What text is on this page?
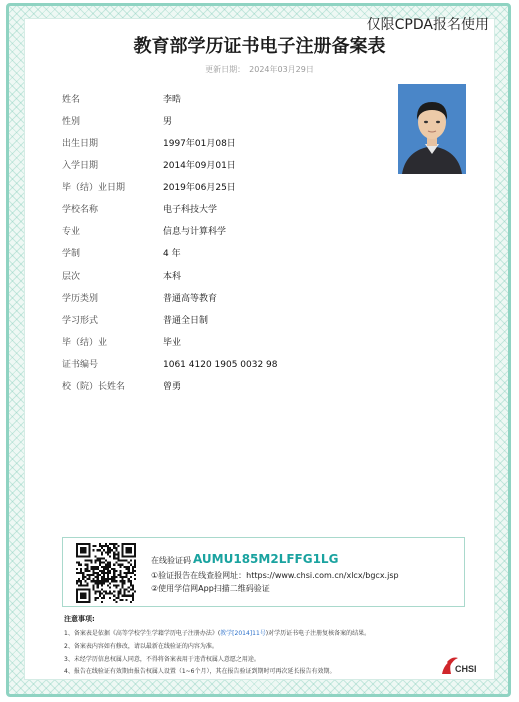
仅限CPDA报名使用
教育部学历证书电子注册备案表
更新日期： 2024年03月29日
姓名	李晧
性别	男
出生日期	1997年01月08日
入学日期	2014年09月01日
毕（结）业日期	2019年06月25日
学校名称	电子科技大学
专业	信息与计算科学
学制	4 年
层次	本科
学历类别	普通高等教育
学习形式	普通全日制
毕（结）业	毕业
证书编号	1061 4120 1905 0032 98
校（院）长姓名	曾勇
在线验证码 AUMU185M2LFFG1LG
①验证报告在线查验网址：https://www.chsi.com.cn/xlcx/bgcx.jsp
②使用学信网App扫描二维码验证
注意事项:
1、备案表是依据《高等学校学生学籍学历电子注册办法》(教学[2014]11号)对学历证书电子注册复核备案的结果。
2、备案表内容如有修改，请以最新在线验证的内容为准。
3、未经学历信息权属人同意，不得将备案表用于违背权属人意愿之用途。
4、报告在线验证有效期由报告权属人设置（1~6个月），其在报告验证到期时可再次延长报告有效期。	CHSI
